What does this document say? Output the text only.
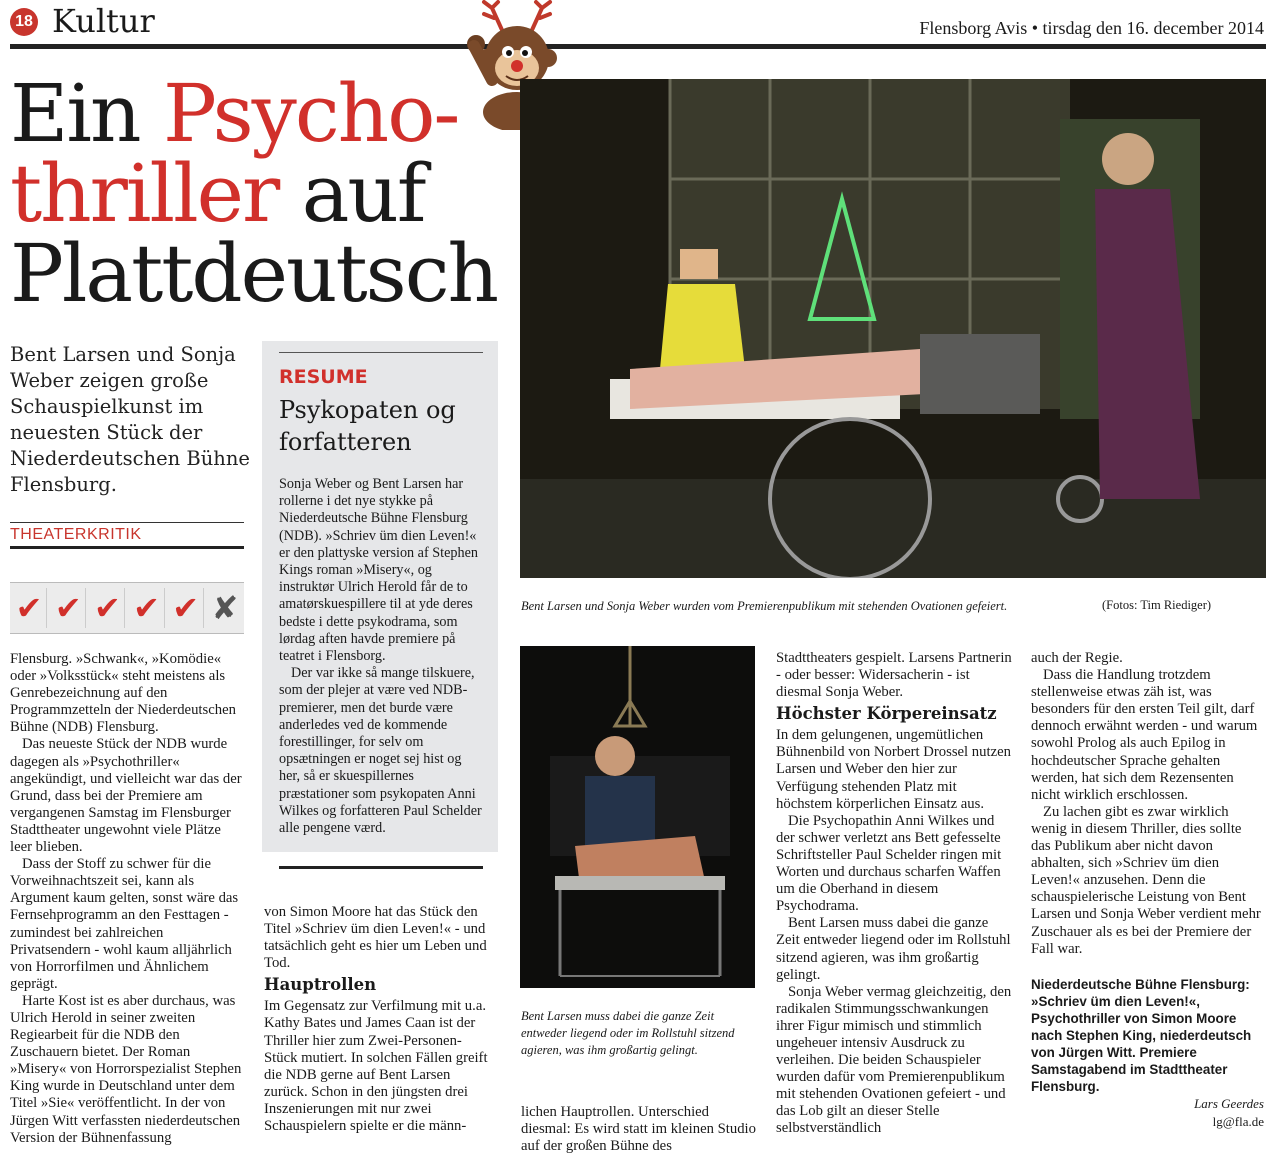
18 Kultur	Flensborg Avis • tirsdag den 16. december 2014
Ein Psycho-
thriller auf
Plattdeutsch
Bent Larsen und Sonja Weber zeigen große Schauspielkunst im neuesten Stück der Niederdeutschen Bühne Flensburg.
THEATERKRITIK
✔ ✔ ✔ ✔ ✔ ✘

Flensburg. »Schwank«, »Komödie« oder »Volksstück« steht meistens als Genrebezeichnung auf den Programmzetteln der Niederdeutschen Bühne (NDB) Flensburg.

Das neueste Stück der NDB wurde dagegen als »Psychothriller« angekündigt, und vielleicht war das der Grund, dass bei der Premiere am vergangenen Samstag im Flensburger Stadttheater ungewohnt viele Plätze leer blieben.

Dass der Stoff zu schwer für die Vorweihnachtszeit sei, kann als Argument kaum gelten, sonst wäre das Fernsehprogramm an den Festtagen - zumindest bei zahlreichen Privatsendern - wohl kaum alljährlich von Horrorfilmen und Ähnlichem geprägt.

Harte Kost ist es aber durchaus, was Ulrich Herold in seiner zweiten Regiearbeit für die NDB den Zuschauern bietet. Der Roman »Misery« von Horrorspezialist Stephen King wurde in Deutschland unter dem Titel »Sie« veröffentlicht. In der von Jürgen Witt verfassten niederdeutschen Version der Bühnenfassung

RESUME
Psykopaten og forfatteren

Sonja Weber og Bent Larsen har rollerne i det nye stykke på Niederdeutsche Bühne Flensburg (NDB). »Schriev üm dien Leven!« er den plattyske version af Stephen Kings roman »Misery«, og instruktør Ulrich Herold får de to amatørskuespillere til at yde deres bedste i dette psykodrama, som lørdag aften havde premiere på teatret i Flensborg.

Der var ikke så mange tilskuere, som der plejer at være ved NDB-premierer, men det burde være anderledes ved de kommende forestillinger, for selv om opsætningen er noget sej hist og her, så er skuespillernes præstationer som psykopaten Anni Wilkes og forfatteren Paul Schelder alle pengene værd.

von Simon Moore hat das Stück den Titel »Schriev üm dien Leven!« - und tatsächlich geht es hier um Leben und Tod.

Hauptrollen

Im Gegensatz zur Verfilmung mit u.a. Kathy Bates und James Caan ist der Thriller hier zum Zwei-Personen-Stück mutiert. In solchen Fällen greift die NDB gerne auf Bent Larsen zurück. Schon in den jüngsten drei Inszenierungen mit nur zwei Schauspielern spielte er die männ-

Bent Larsen und Sonja Weber wurden vom Premierenpublikum mit stehenden Ovationen gefeiert.	(Fotos: Tim Riediger)
Bent Larsen muss dabei die ganze Zeit entweder liegend oder im Rollstuhl sitzend agieren, was ihm großartig gelingt.

lichen Hauptrollen. Unterschied diesmal: Es wird statt im kleinen Studio auf der großen Bühne des

Stadttheaters gespielt. Larsens Partnerin - oder besser: Widersacherin - ist diesmal Sonja Weber.

Höchster Körpereinsatz

In dem gelungenen, ungemütlichen Bühnenbild von Norbert Drossel nutzen Larsen und Weber den hier zur Verfügung stehenden Platz mit höchstem körperlichen Einsatz aus.

Die Psychopathin Anni Wilkes und der schwer verletzt ans Bett gefesselte Schriftsteller Paul Schelder ringen mit Worten und durchaus scharfen Waffen um die Oberhand in diesem Psychodrama.

Bent Larsen muss dabei die ganze Zeit entweder liegend oder im Rollstuhl sitzend agieren, was ihm großartig gelingt.

Sonja Weber vermag gleichzeitig, den radikalen Stimmungsschwankungen ihrer Figur mimisch und stimmlich ungeheuer intensiv Ausdruck zu verleihen. Die beiden Schauspieler wurden dafür vom Premierenpublikum mit stehenden Ovationen gefeiert - und das Lob gilt an dieser Stelle selbstverständlich

auch der Regie.

Dass die Handlung trotzdem stellenweise etwas zäh ist, was besonders für den ersten Teil gilt, darf dennoch erwähnt werden - und warum sowohl Prolog als auch Epilog in hochdeutscher Sprache gehalten werden, hat sich dem Rezensenten nicht wirklich erschlossen.

Zu lachen gibt es zwar wirklich wenig in diesem Thriller, dies sollte das Publikum aber nicht davon abhalten, sich »Schriev üm dien Leven!« anzusehen. Denn die schauspielerische Leistung von Bent Larsen und Sonja Weber verdient mehr Zuschauer als es bei der Premiere der Fall war.

Niederdeutsche Bühne Flensburg: »Schriev üm dien Leven!«, Psychothriller von Simon Moore nach Stephen King, niederdeutsch von Jürgen Witt. Premiere Samstagabend im Stadttheater Flensburg.
Lars Geerdes
lg@fla.de
